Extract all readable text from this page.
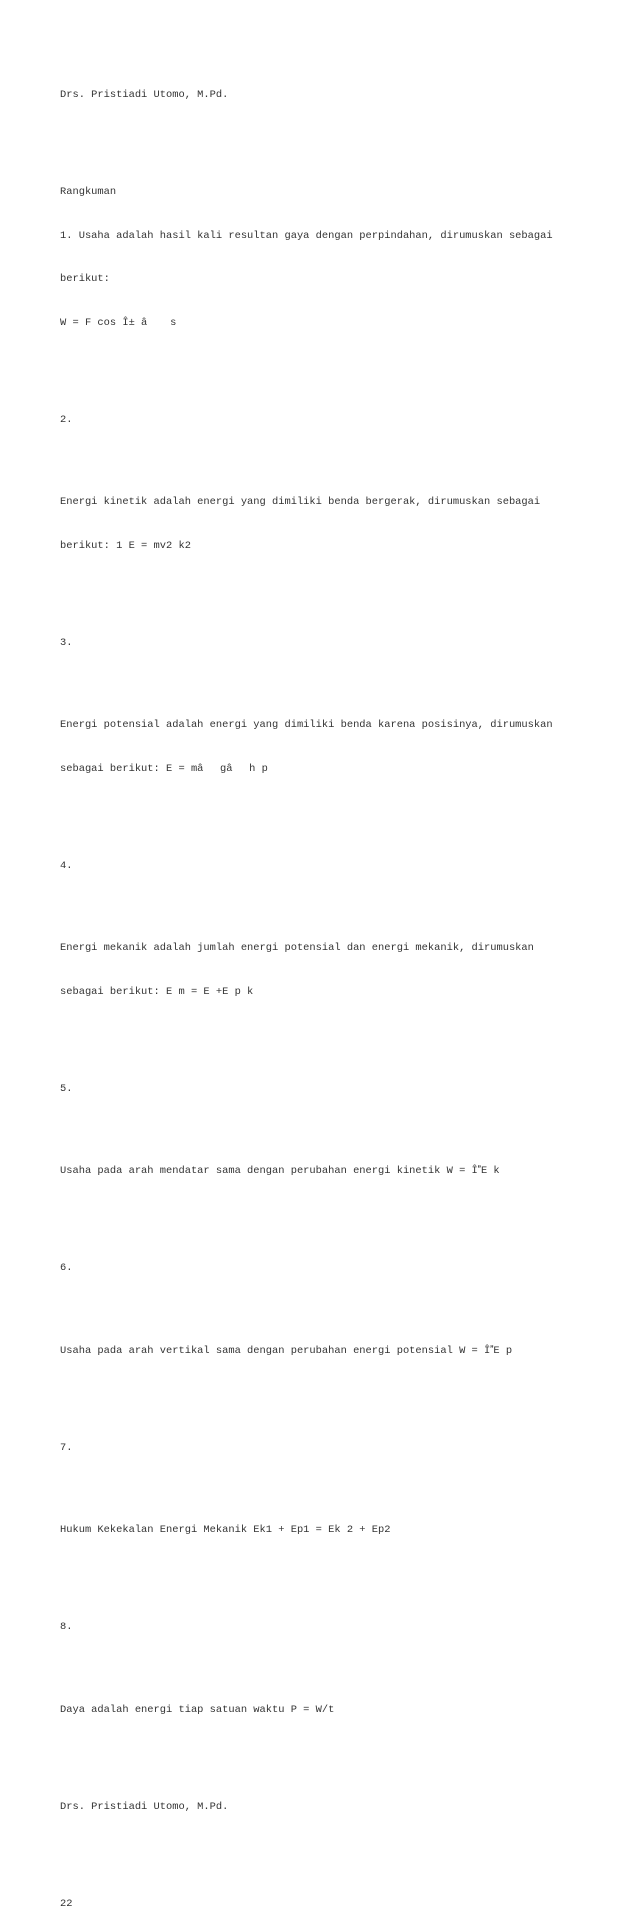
Drs. Pristiadi Utomo, M.Pd.

Rangkuman

1. Usaha adalah hasil kali resultan gaya dengan perpindahan, dirumuskan sebagai

berikut:

W = F cos Î± â s

2.

Energi kinetik adalah energi yang dimiliki benda bergerak, dirumuskan sebagai

berikut: 1 E = mv2 k2

3.

Energi potensial adalah energi yang dimiliki benda karena posisinya, dirumuskan

sebagai berikut: E = mâgâh p

4.

Energi mekanik adalah jumlah energi potensial dan energi mekanik, dirumuskan

sebagai berikut: E m = E +E p k

5.

Usaha pada arah mendatar sama dengan perubahan energi kinetik W = ÎE k

6.

Usaha pada arah vertikal sama dengan perubahan energi potensial W = ÎE p

7.

Hukum Kekekalan Energi Mekanik Ek1 + Ep1 = Ek 2 + Ep2

8.

Daya adalah energi tiap satuan waktu P = W/t

Drs. Pristiadi Utomo, M.Pd.

22
